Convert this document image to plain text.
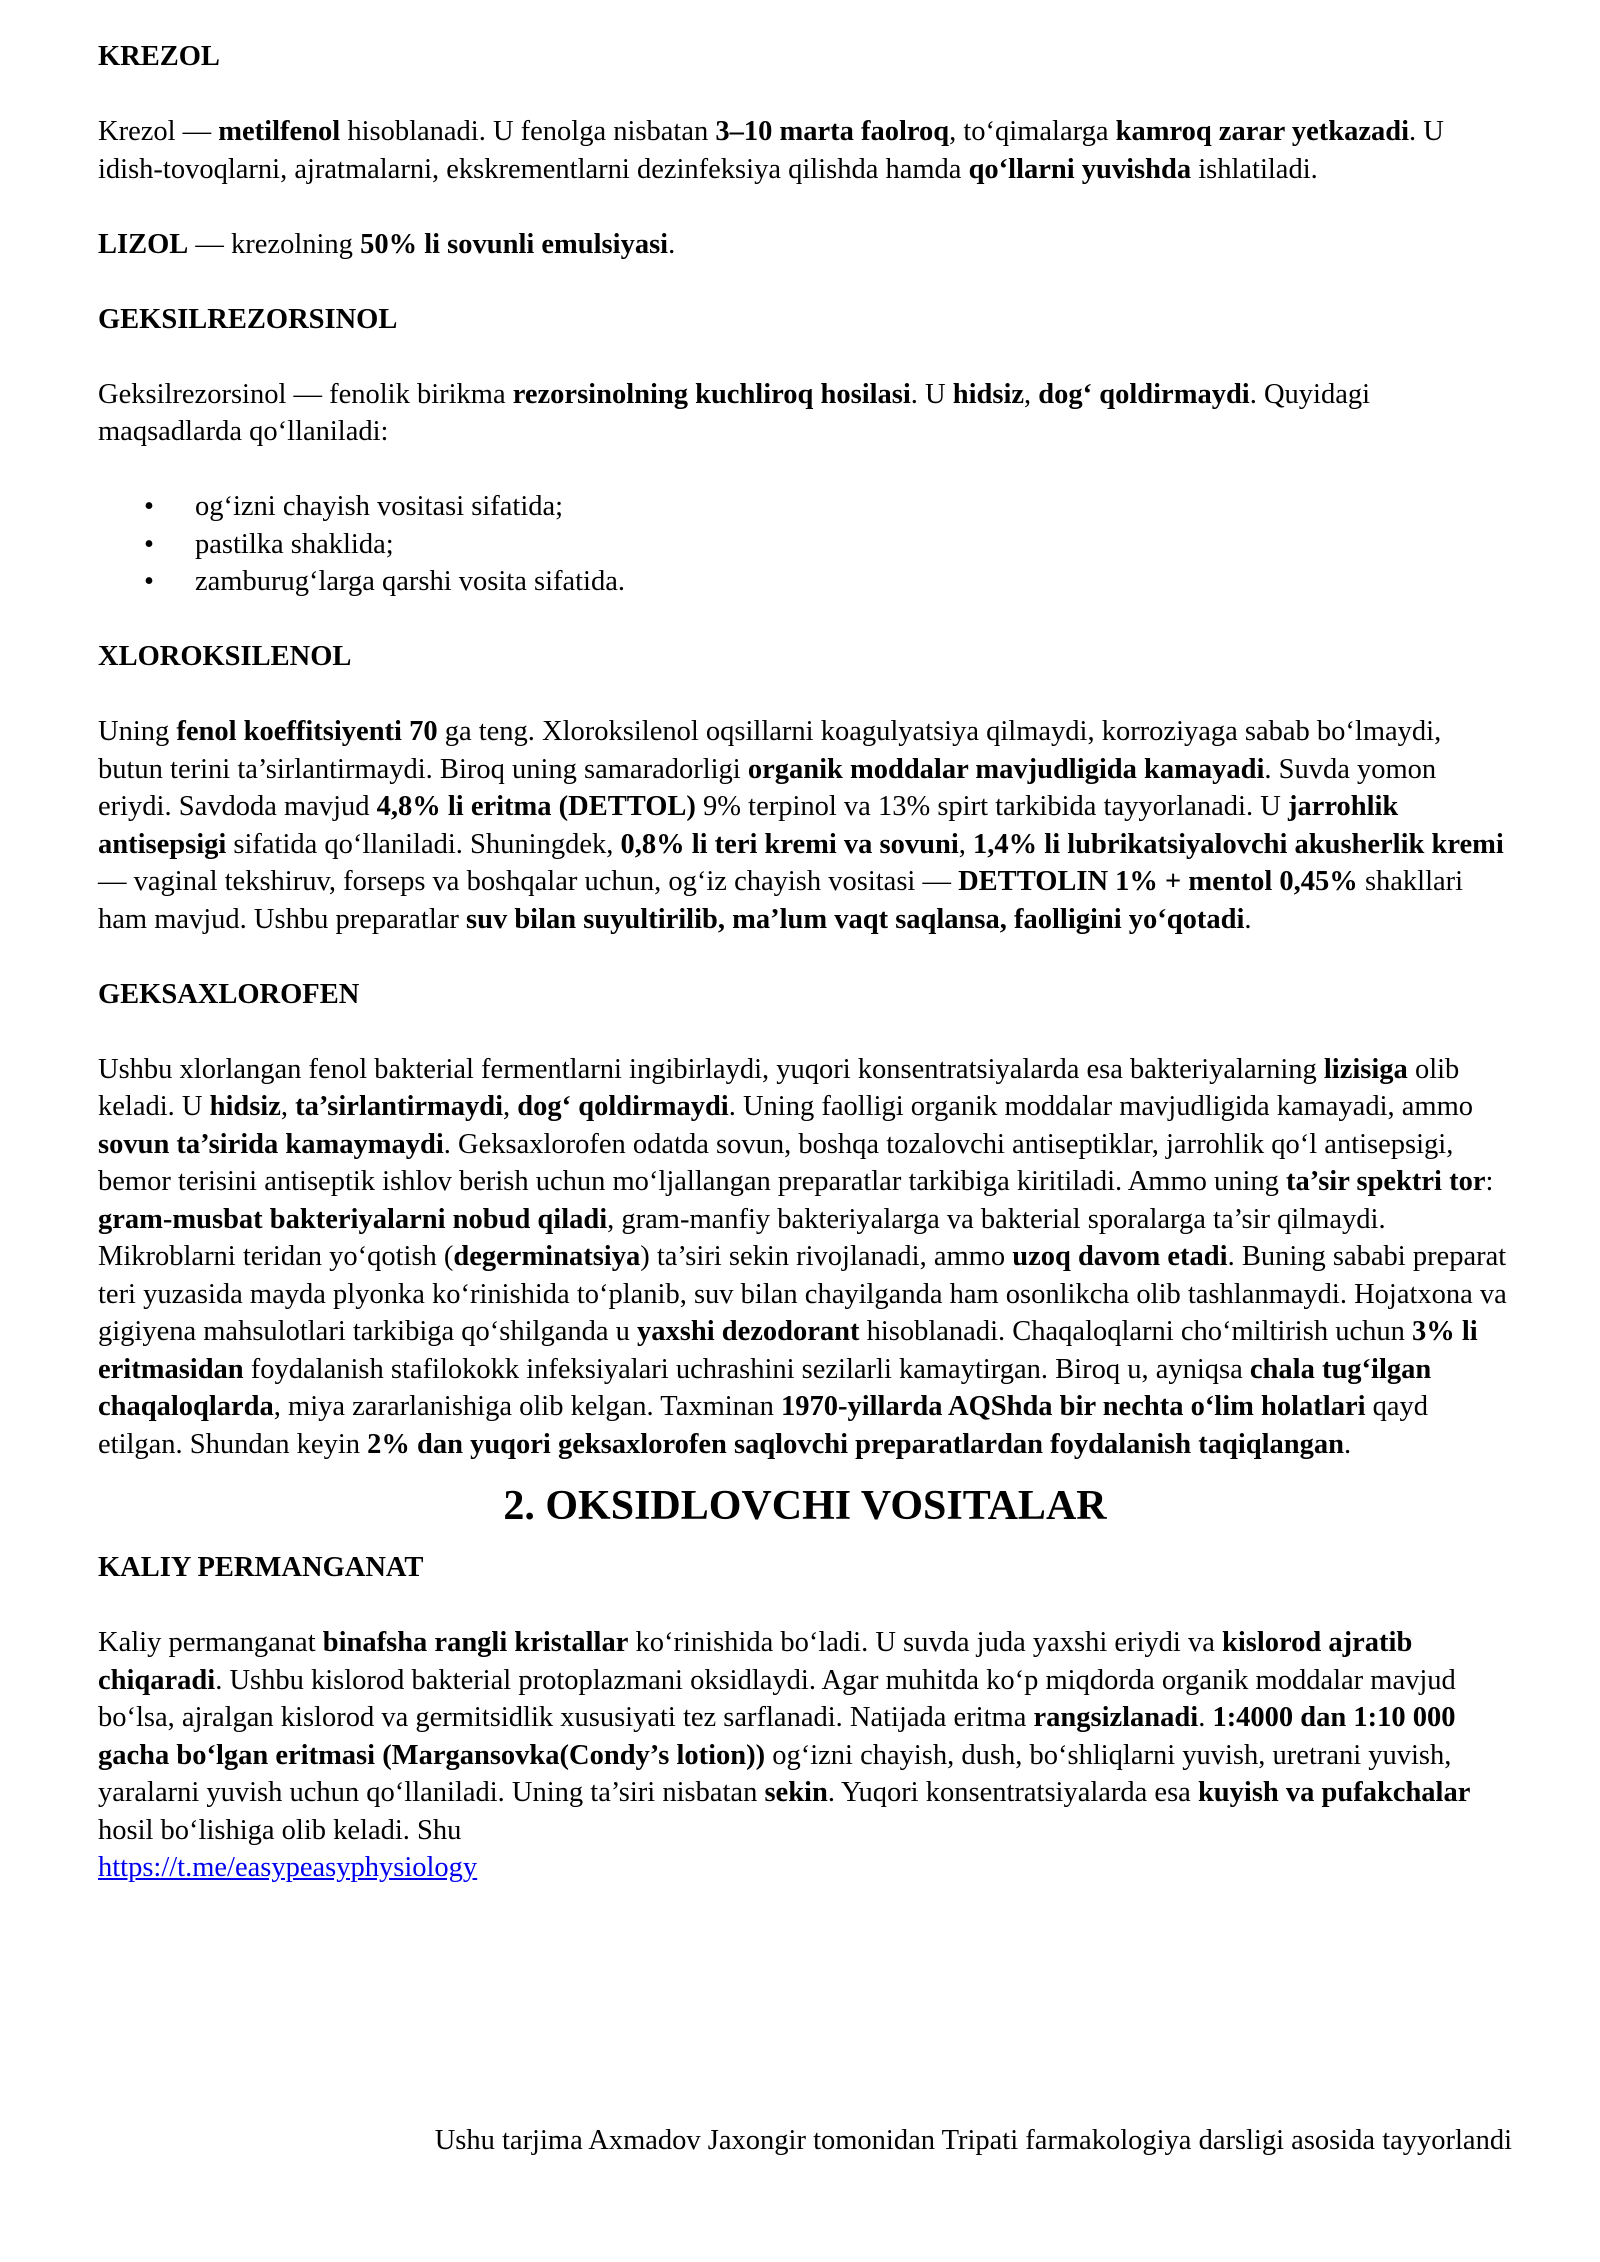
KREZOL

Krezol — metilfenol hisoblanadi. U fenolga nisbatan 3–10 marta faolroq, to‘qimalarga kamroq zarar yetkazadi. U idish-tovoqlarni, ajratmalarni, ekskrementlarni dezinfeksiya qilishda hamda qo‘llarni yuvishda ishlatiladi.

LIZOL — krezolning 50% li sovunli emulsiyasi.

GEKSILREZORSINOL

Geksilrezorsinol — fenolik birikma rezorsinolning kuchliroq hosilasi. U hidsiz, dog‘ qoldirmaydi. Quyidagi maqsadlarda qo‘llaniladi:

• og‘izni chayish vositasi sifatida;
• pastilka shaklida;
• zamburug‘larga qarshi vosita sifatida.

XLOROKSILENOL

Uning fenol koeffitsiyenti 70 ga teng. Xloroksilenol oqsillarni koagulyatsiya qilmaydi, korroziyaga sabab bo‘lmaydi, butun terini ta’sirlantirmaydi. Biroq uning samaradorligi organik moddalar mavjudligida kamayadi. Suvda yomon eriydi. Savdoda mavjud 4,8% li eritma (DETTOL) 9% terpinol va 13% spirt tarkibida tayyorlanadi. U jarrohlik antisepsigi sifatida qo‘llaniladi. Shuningdek, 0,8% li teri kremi va sovuni, 1,4% li lubrikatsiyalovchi akusherlik kremi — vaginal tekshiruv, forseps va boshqalar uchun, og‘iz chayish vositasi — DETTOLIN 1% + mentol 0,45% shakllari ham mavjud. Ushbu preparatlar suv bilan suyultirilib, ma’lum vaqt saqlansa, faolligini yo‘qotadi.

GEKSAXLOROFEN

Ushbu xlorlangan fenol bakterial fermentlarni ingibirlaydi, yuqori konsentratsiyalarda esa bakteriyalarning lizisiga olib keladi. U hidsiz, ta’sirlantirmaydi, dog‘ qoldirmaydi. Uning faolligi organik moddalar mavjudligida kamayadi, ammo sovun ta’sirida kamaymaydi. Geksaxlorofen odatda sovun, boshqa tozalovchi antiseptiklar, jarrohlik qo‘l antisepsigi, bemor terisini antiseptik ishlov berish uchun mo‘ljallangan preparatlar tarkibiga kiritiladi. Ammo uning ta’sir spektri tor: gram-musbat bakteriyalarni nobud qiladi, gram-manfiy bakteriyalarga va bakterial sporalarga ta’sir qilmaydi. Mikroblarni teridan yo‘qotish (degerminatsiya) ta’siri sekin rivojlanadi, ammo uzoq davom etadi. Buning sababi preparat teri yuzasida mayda plyonka ko‘rinishida to‘planib, suv bilan chayilganda ham osonlikcha olib tashlanmaydi. Hojatxona va gigiyena mahsulotlari tarkibiga qo‘shilganda u yaxshi dezodorant hisoblanadi. Chaqaloqlarni cho‘miltirish uchun 3% li eritmasidan foydalanish stafilokokk infeksiyalari uchrashini sezilarli kamaytirgan. Biroq u, ayniqsa chala tug‘ilgan chaqaloqlarda, miya zararlanishiga olib kelgan. Taxminan 1970-yillarda AQShda bir nechta o‘lim holatlari qayd etilgan. Shundan keyin 2% dan yuqori geksaxlorofen saqlovchi preparatlardan foydalanish taqiqlangan.

2. OKSIDLOVCHI VOSITALAR

KALIY PERMANGANAT

Kaliy permanganat binafsha rangli kristallar ko‘rinishida bo‘ladi. U suvda juda yaxshi eriydi va kislorod ajratib chiqaradi. Ushbu kislorod bakterial protoplazmani oksidlaydi. Agar muhitda ko‘p miqdorda organik moddalar mavjud bo‘lsa, ajralgan kislorod va germitsidlik xususiyati tez sarflanadi. Natijada eritma rangsizlanadi. 1:4000 dan 1:10 000 gacha bo‘lgan eritmasi (Margansovka(Condy’s lotion)) og‘izni chayish, dush, bo‘shliqlarni yuvish, uretrani yuvish, yaralarni yuvish uchun qo‘llaniladi. Uning ta’siri nisbatan sekin. Yuqori konsentratsiyalarda esa kuyish va pufakchalar hosil bo‘lishiga olib keladi. Shu

https://t.me/easypeasyphysiology

Ushu tarjima Axmadov Jaxongir tomonidan Tripati farmakologiya darsligi asosida tayyorlandi
